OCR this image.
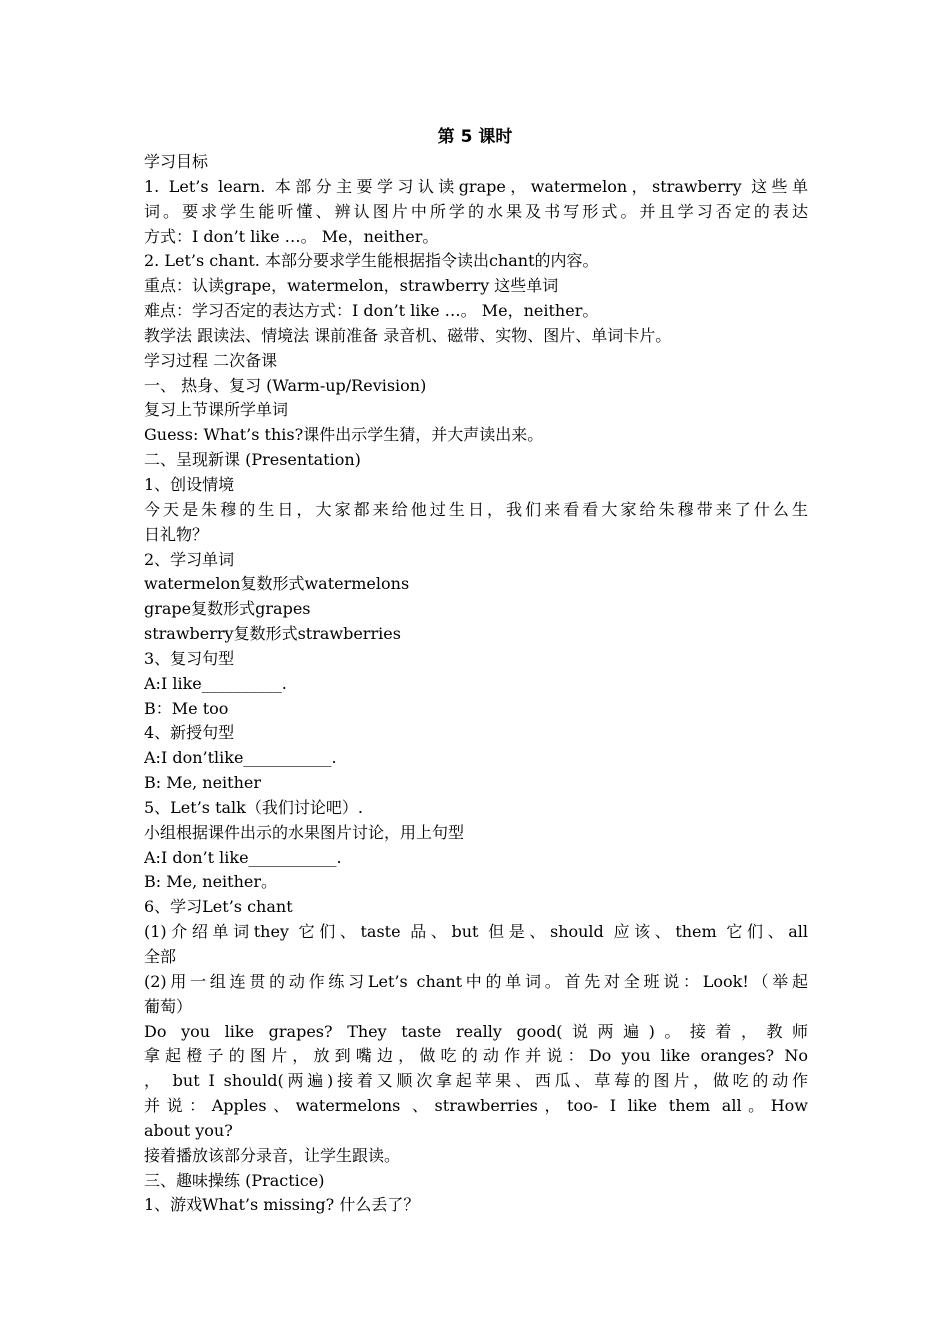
第 5 课时
学习目标
1. Let’s learn. 本部分主要学习认读grape，watermelon，strawberry 这些单
词。要求学生能听懂、辨认图片中所学的水果及书写形式。并且学习否定的表达
方式：I don’t like …。 Me，neither。
2. Let’s chant. 本部分要求学生能根据指令读出chant的内容。
重点：认读grape，watermelon，strawberry 这些单词
难点：学习否定的表达方式：I don’t like …。 Me，neither。
教学法 跟读法、情境法 课前准备 录音机、磁带、实物、图片、单词卡片。
学习过程 二次备课
一、 热身、复习 (Warm-up/Revision)
复习上节课所学单词
Guess: What’s this?课件出示学生猜，并大声读出来。
二、呈现新课 (Presentation)
1、创设情境
今天是朱穆的生日，大家都来给他过生日，我们来看看大家给朱穆带来了什么生
日礼物？
2、学习单词
watermelon复数形式watermelons
grape复数形式grapes
strawberry复数形式strawberries
3、复习句型
A:I like__________.
B：Me too
4、新授句型
A:I don’tlike___________.
B: Me, neither
5、Let’s talk（我们讨论吧）.
小组根据课件出示的水果图片讨论，用上句型
A:I don’t like___________.
B: Me, neither。
6、学习Let’s chant
(1)介绍单词they 它们、taste 品、but 但是、should 应该、them 它们、all
全部
(2)用一组连贯的动作练习Let’s chant中的单词。首先对全班说：Look!（举起
葡萄）
Do you like grapes? They taste really good(说两遍)。接着，教师
拿起橙子的图片，放到嘴边，做吃的动作并说：Do you like oranges? No
， but I should(两遍)接着又顺次拿起苹果、西瓜、草莓的图片，做吃的动作
并说：Apples、watermelons 、strawberries，too- I like them all。How
about you?
接着播放该部分录音，让学生跟读。
三、趣味操练 (Practice)
1、游戏What’s missing? 什么丢了？
